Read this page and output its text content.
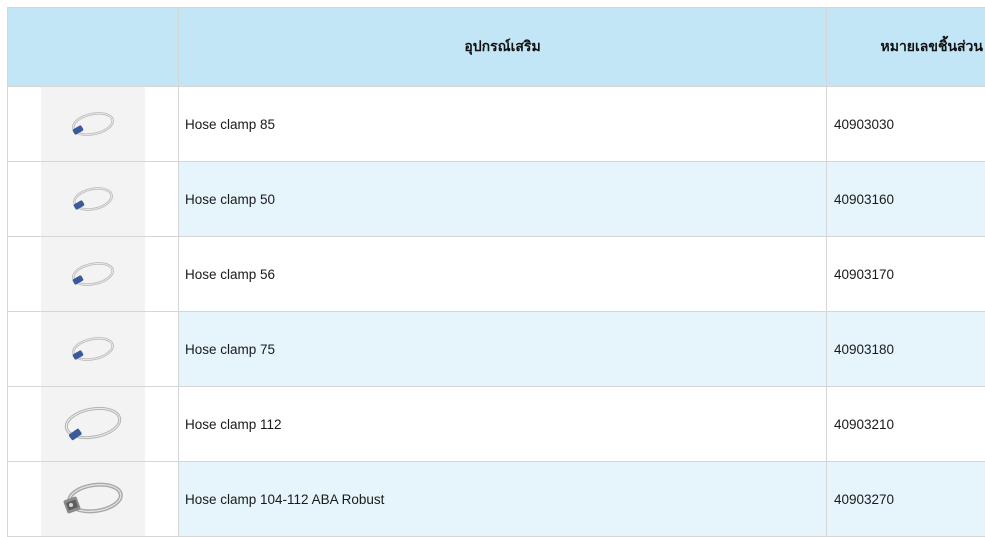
	อุปกรณ์เสริม	หมายเลขชิ้นส่วน

	Hose clamp 85	40903030

	Hose clamp 50	40903160

	Hose clamp 56	40903170

	Hose clamp 75	40903180

	Hose clamp 112	40903210

	Hose clamp 104-112 ABA Robust	40903270
